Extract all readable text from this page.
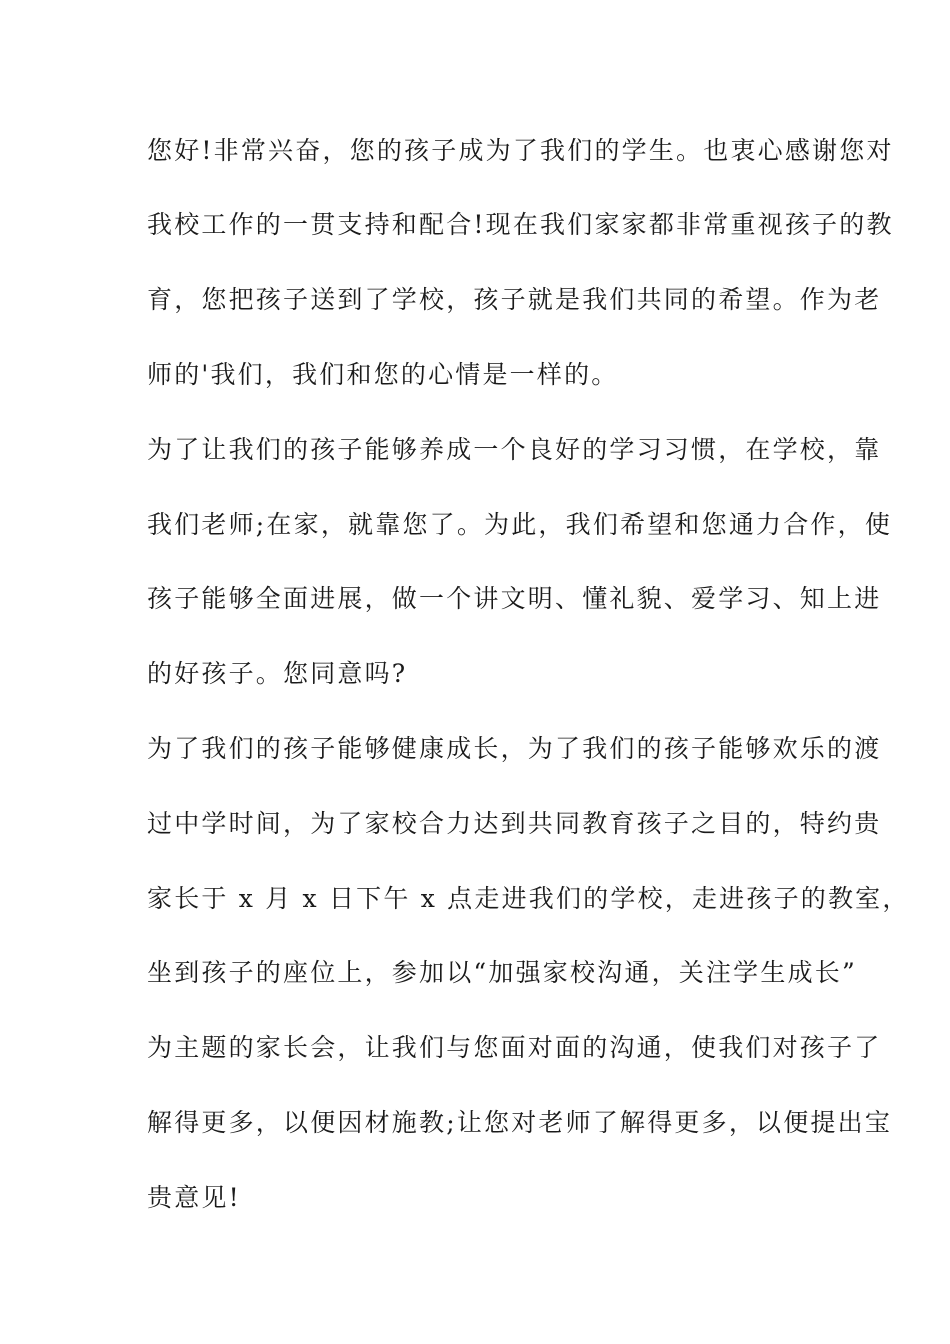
您好!非常兴奋，您的孩子成为了我们的学生。也衷心感谢您对
我校工作的一贯支持和配合!现在我们家家都非常重视孩子的教
育，您把孩子送到了学校，孩子就是我们共同的希望。作为老
师的'我们，我们和您的心情是一样的。
为了让我们的孩子能够养成一个良好的学习习惯，在学校，靠
我们老师;在家，就靠您了。为此，我们希望和您通力合作，使
孩子能够全面进展，做一个讲文明、懂礼貌、爱学习、知上进
的好孩子。您同意吗?
为了我们的孩子能够健康成长，为了我们的孩子能够欢乐的渡
过中学时间，为了家校合力达到共同教育孩子之目的，特约贵
家长于 x 月 x 日下午 x 点走进我们的学校，走进孩子的教室，
坐到孩子的座位上，参加以“加强家校沟通，关注学生成长”
为主题的家长会，让我们与您面对面的沟通，使我们对孩子了
解得更多，以便因材施教;让您对老师了解得更多，以便提出宝
贵意见!
